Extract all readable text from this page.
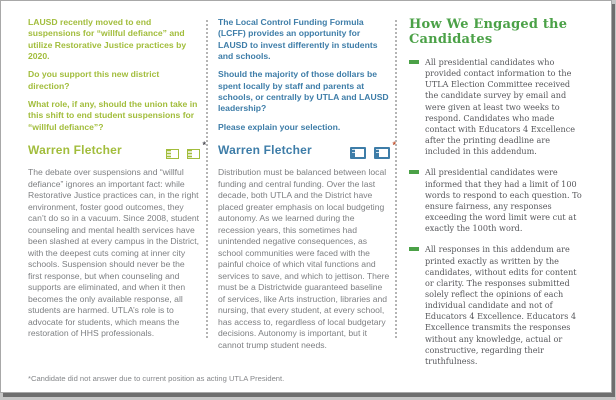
LAUSD recently moved to end suspensions for “willful defiance” and utilize Restorative Justice practices by 2020.

Do you support this new district direction?

What role, if any, should the union take in this shift to end student suspensions for “willful defiance”?

Warren Fletcher	*

The debate over suspensions and “willful defiance” ignores an important fact: while Restorative Justice practices can, in the right environment, foster good outcomes, they can’t do so in a vacuum. Since 2008, student counseling and mental health services have been slashed at every campus in the District, with the deepest cuts coming at inner city schools. Suspension should never be the first response, but when counseling and supports are eliminated, and when it then becomes the only available response, all students are harmed. UTLA’s role is to advocate for students, which means the restoration of HHS professionals.

The Local Control Funding Formula (LCFF) provides an opportunity for LAUSD to invest differently in students and schools.

Should the majority of those dollars be spent locally by staff and parents at schools, or centrally by UTLA and LAUSD leadership?

Please explain your selection.

Warren Fletcher	*

Distribution must be balanced between local funding and central funding. Over the last decade, both UTLA and the District have placed greater emphasis on local budgeting autonomy. As we learned during the recession years, this sometimes had unintended negative consequences, as school communities were faced with the painful choice of which vital functions and services to save, and which to jettison. There must be a Districtwide guaranteed baseline of services, like Arts instruction, libraries and nursing, that every student, at every school, has access to, regardless of local budgetary decisions. Autonomy is important, but it cannot trump student needs.

How We Engaged the Candidates
All presidential candidates who provided contact information to the UTLA Election Committee received the candidate survey by email and were given at least two weeks to respond. Candidates who made contact with Educators 4 Excellence after the printing deadline are included in this addendum.
All presidential candidates were informed that they had a limit of 100 words to respond to each question. To ensure fairness, any responses exceeding the word limit were cut at exactly the 100th word.
All responses in this addendum are printed exactly as written by the candidates, without edits for content or clarity. The responses submitted solely reflect the opinions of each individual candidate and not of Educators 4 Excellence. Educators 4 Excellence transmits the responses without any knowledge, actual or constructive, regarding their truthfulness.
*Candidate did not answer due to current position as acting UTLA President.
